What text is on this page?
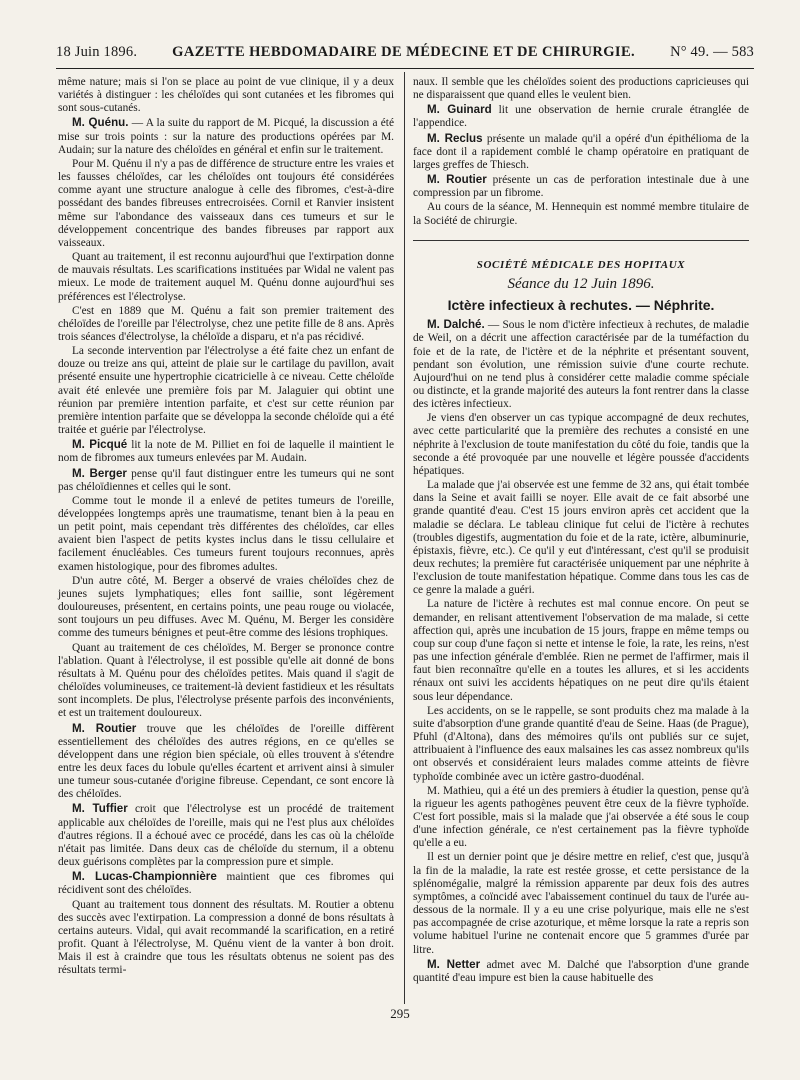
18 Juin 1896. GAZETTE HEBDOMADAIRE DE MÉDECINE ET DE CHIRURGIE. N° 49. — 583

même nature; mais si l'on se place au point de vue clinique, il y a deux variétés à distinguer : les chéloïdes qui sont cutanées et les fibromes qui sont sous-cutanés.

M. Quénu. — A la suite du rapport de M. Picqué, la discussion a été mise sur trois points : sur la nature des productions opérées par M. Audain; sur la nature des chéloïdes en général et enfin sur le traitement.

Pour M. Quénu il n'y a pas de différence de structure entre les vraies et les fausses chéloïdes, car les chéloïdes ont toujours été considérées comme ayant une structure analogue à celle des fibromes, c'est-à-dire possédant des bandes fibreuses entrecroisées. Cornil et Ranvier insistent même sur l'abondance des vaisseaux dans ces tumeurs et sur le développement concentrique des bandes fibreuses par rapport aux vaisseaux.

Quant au traitement, il est reconnu aujourd'hui que l'extirpation donne de mauvais résultats. Les scarifications instituées par Widal ne valent pas mieux. Le mode de traitement auquel M. Quénu donne aujourd'hui ses préférences est l'électrolyse.

C'est en 1889 que M. Quénu a fait son premier traitement des chéloïdes de l'oreille par l'électrolyse, chez une petite fille de 8 ans. Après trois séances d'électrolyse, la chéloïde a disparu, et n'a pas récidivé.

La seconde intervention par l'électrolyse a été faite chez un enfant de douze ou treize ans qui, atteint de plaie sur le cartilage du pavillon, avait présenté ensuite une hypertrophie cicatricielle à ce niveau. Cette chéloïde avait été enlevée une première fois par M. Jalaguier qui obtint une réunion par première intention parfaite, et c'est sur cette réunion par première intention parfaite que se développa la seconde chéloïde qui a été traitée et guérie par l'électrolyse.

M. Picqué lit la note de M. Pilliet en foi de laquelle il maintient le nom de fibromes aux tumeurs enlevées par M. Audain.

M. Berger pense qu'il faut distinguer entre les tumeurs qui ne sont pas chéloïdiennes et celles qui le sont.

Comme tout le monde il a enlevé de petites tumeurs de l'oreille, développées longtemps après une traumatisme, tenant bien à la peau en un petit point, mais cependant très différentes des chéloïdes, car elles avaient bien l'aspect de petits kystes inclus dans le tissu cellulaire et facilement énucléables. Ces tumeurs furent toujours reconnues, après examen histologique, pour des fibromes adultes.

D'un autre côté, M. Berger a observé de vraies chéloïdes chez de jeunes sujets lymphatiques; elles font saillie, sont légèrement douloureuses, présentent, en certains points, une peau rouge ou violacée, sont toujours un peu diffuses. Avec M. Quénu, M. Berger les considère comme des tumeurs bénignes et peut-être comme des lésions trophiques.

Quant au traitement de ces chéloïdes, M. Berger se prononce contre l'ablation. Quant à l'électrolyse, il est possible qu'elle ait donné de bons résultats à M. Quénu pour des chéloïdes petites. Mais quand il s'agit de chéloïdes volumineuses, ce traitement-là devient fastidieux et les résultats sont incomplets. De plus, l'électrolyse présente parfois des inconvénients, et est un traitement douloureux.

M. Routier trouve que les chéloïdes de l'oreille diffèrent essentiellement des chéloïdes des autres régions, en ce qu'elles se développent dans une région bien spéciale, où elles trouvent à s'étendre entre les deux faces du lobule qu'elles écartent et arrivent ainsi à simuler une tumeur sous-cutanée d'origine fibreuse. Cependant, ce sont encore là des chéloïdes.

M. Tuffier croit que l'électrolyse est un procédé de traitement applicable aux chéloïdes de l'oreille, mais qui ne l'est plus aux chéloïdes d'autres régions. Il a échoué avec ce procédé, dans les cas où la chéloïde n'était pas limitée. Dans deux cas de chéloïde du sternum, il a obtenu deux guérisons complètes par la compression pure et simple.

M. Lucas-Championnière maintient que ces fibromes qui récidivent sont des chéloïdes.

Quant au traitement tous donnent des résultats. M. Routier a obtenu des succès avec l'extirpation. La compression a donné de bons résultats à certains auteurs. Vidal, qui avait recommandé la scarification, en a retiré profit. Quant à l'électrolyse, M. Quénu vient de la vanter à bon droit. Mais il est à craindre que tous les résultats obtenus ne soient pas des résultats termi-

naux. Il semble que les chéloïdes soient des productions capricieuses qui ne disparaissent que quand elles le veulent bien.

M. Guinard lit une observation de hernie crurale étranglée de l'appendice.

M. Reclus présente un malade qu'il a opéré d'un épithélioma de la face dont il a rapidement comblé le champ opératoire en pratiquant de larges greffes de Thiesch.

M. Routier présente un cas de perforation intestinale due à une compression par un fibrome.

Au cours de la séance, M. Hennequin est nommé membre titulaire de la Société de chirurgie.

SOCIÉTÉ MÉDICALE DES HOPITAUX

Séance du 12 Juin 1896.

Ictère infectieux à rechutes. — Néphrite.

M. Dalché. — Sous le nom d'ictère infectieux à rechutes, de maladie de Weil, on a décrit une affection caractérisée par de la tuméfaction du foie et de la rate, de l'ictère et de la néphrite et présentant souvent, pendant son évolution, une rémission suivie d'une courte rechute. Aujourd'hui on ne tend plus à considérer cette maladie comme spéciale ou distincte, et la grande majorité des auteurs la font rentrer dans la classe des ictères infectieux.

Je viens d'en observer un cas typique accompagné de deux rechutes, avec cette particularité que la première des rechutes a consisté en une néphrite à l'exclusion de toute manifestation du côté du foie, tandis que la seconde a été provoquée par une nouvelle et légère poussée d'accidents hépatiques.

La malade que j'ai observée est une femme de 32 ans, qui était tombée dans la Seine et avait failli se noyer. Elle avait de ce fait absorbé une grande quantité d'eau. C'est 15 jours environ après cet accident que la maladie se déclara. Le tableau clinique fut celui de l'ictère à rechutes (troubles digestifs, augmentation du foie et de la rate, ictère, albuminurie, épistaxis, fièvre, etc.). Ce qu'il y eut d'intéressant, c'est qu'il se produisit deux rechutes; la première fut caractérisée uniquement par une néphrite à l'exclusion de toute manifestation hépatique. Comme dans tous les cas de ce genre la malade a guéri.

La nature de l'ictère à rechutes est mal connue encore. On peut se demander, en relisant attentivement l'observation de ma malade, si cette affection qui, après une incubation de 15 jours, frappe en même temps ou coup sur coup d'une façon si nette et intense le foie, la rate, les reins, n'est pas une infection générale d'emblée. Rien ne permet de l'affirmer, mais il faut bien reconnaître qu'elle en a toutes les allures, et si les accidents rénaux ont suivi les accidents hépatiques on ne peut dire qu'ils étaient sous leur dépendance.

Les accidents, on se le rappelle, se sont produits chez ma malade à la suite d'absorption d'une grande quantité d'eau de Seine. Haas (de Prague), Pfuhl (d'Altona), dans des mémoires qu'ils ont publiés sur ce sujet, attribuaient à l'influence des eaux malsaines les cas assez nombreux qu'ils ont observés et considéraient leurs malades comme atteints de fièvre typhoïde combinée avec un ictère gastro-duodénal.

M. Mathieu, qui a été un des premiers à étudier la question, pense qu'à la rigueur les agents pathogènes peuvent être ceux de la fièvre typhoïde. C'est fort possible, mais si la malade que j'ai observée a été sous le coup d'une infection générale, ce n'est certainement pas la fièvre typhoïde qu'elle a eu.

Il est un dernier point que je désire mettre en relief, c'est que, jusqu'à la fin de la maladie, la rate est restée grosse, et cette persistance de la splénomégalie, malgré la rémission apparente par deux fois des autres symptômes, a coïncidé avec l'abaissement continuel du taux de l'urée au-dessous de la normale. Il y a eu une crise polyurique, mais elle ne s'est pas accompagnée de crise azoturique, et même lorsque la rate a repris son volume habituel l'urine ne contenait encore que 5 grammes d'urée par litre.

M. Netter admet avec M. Dalché que l'absorption d'une grande quantité d'eau impure est bien la cause habituelle des

295
